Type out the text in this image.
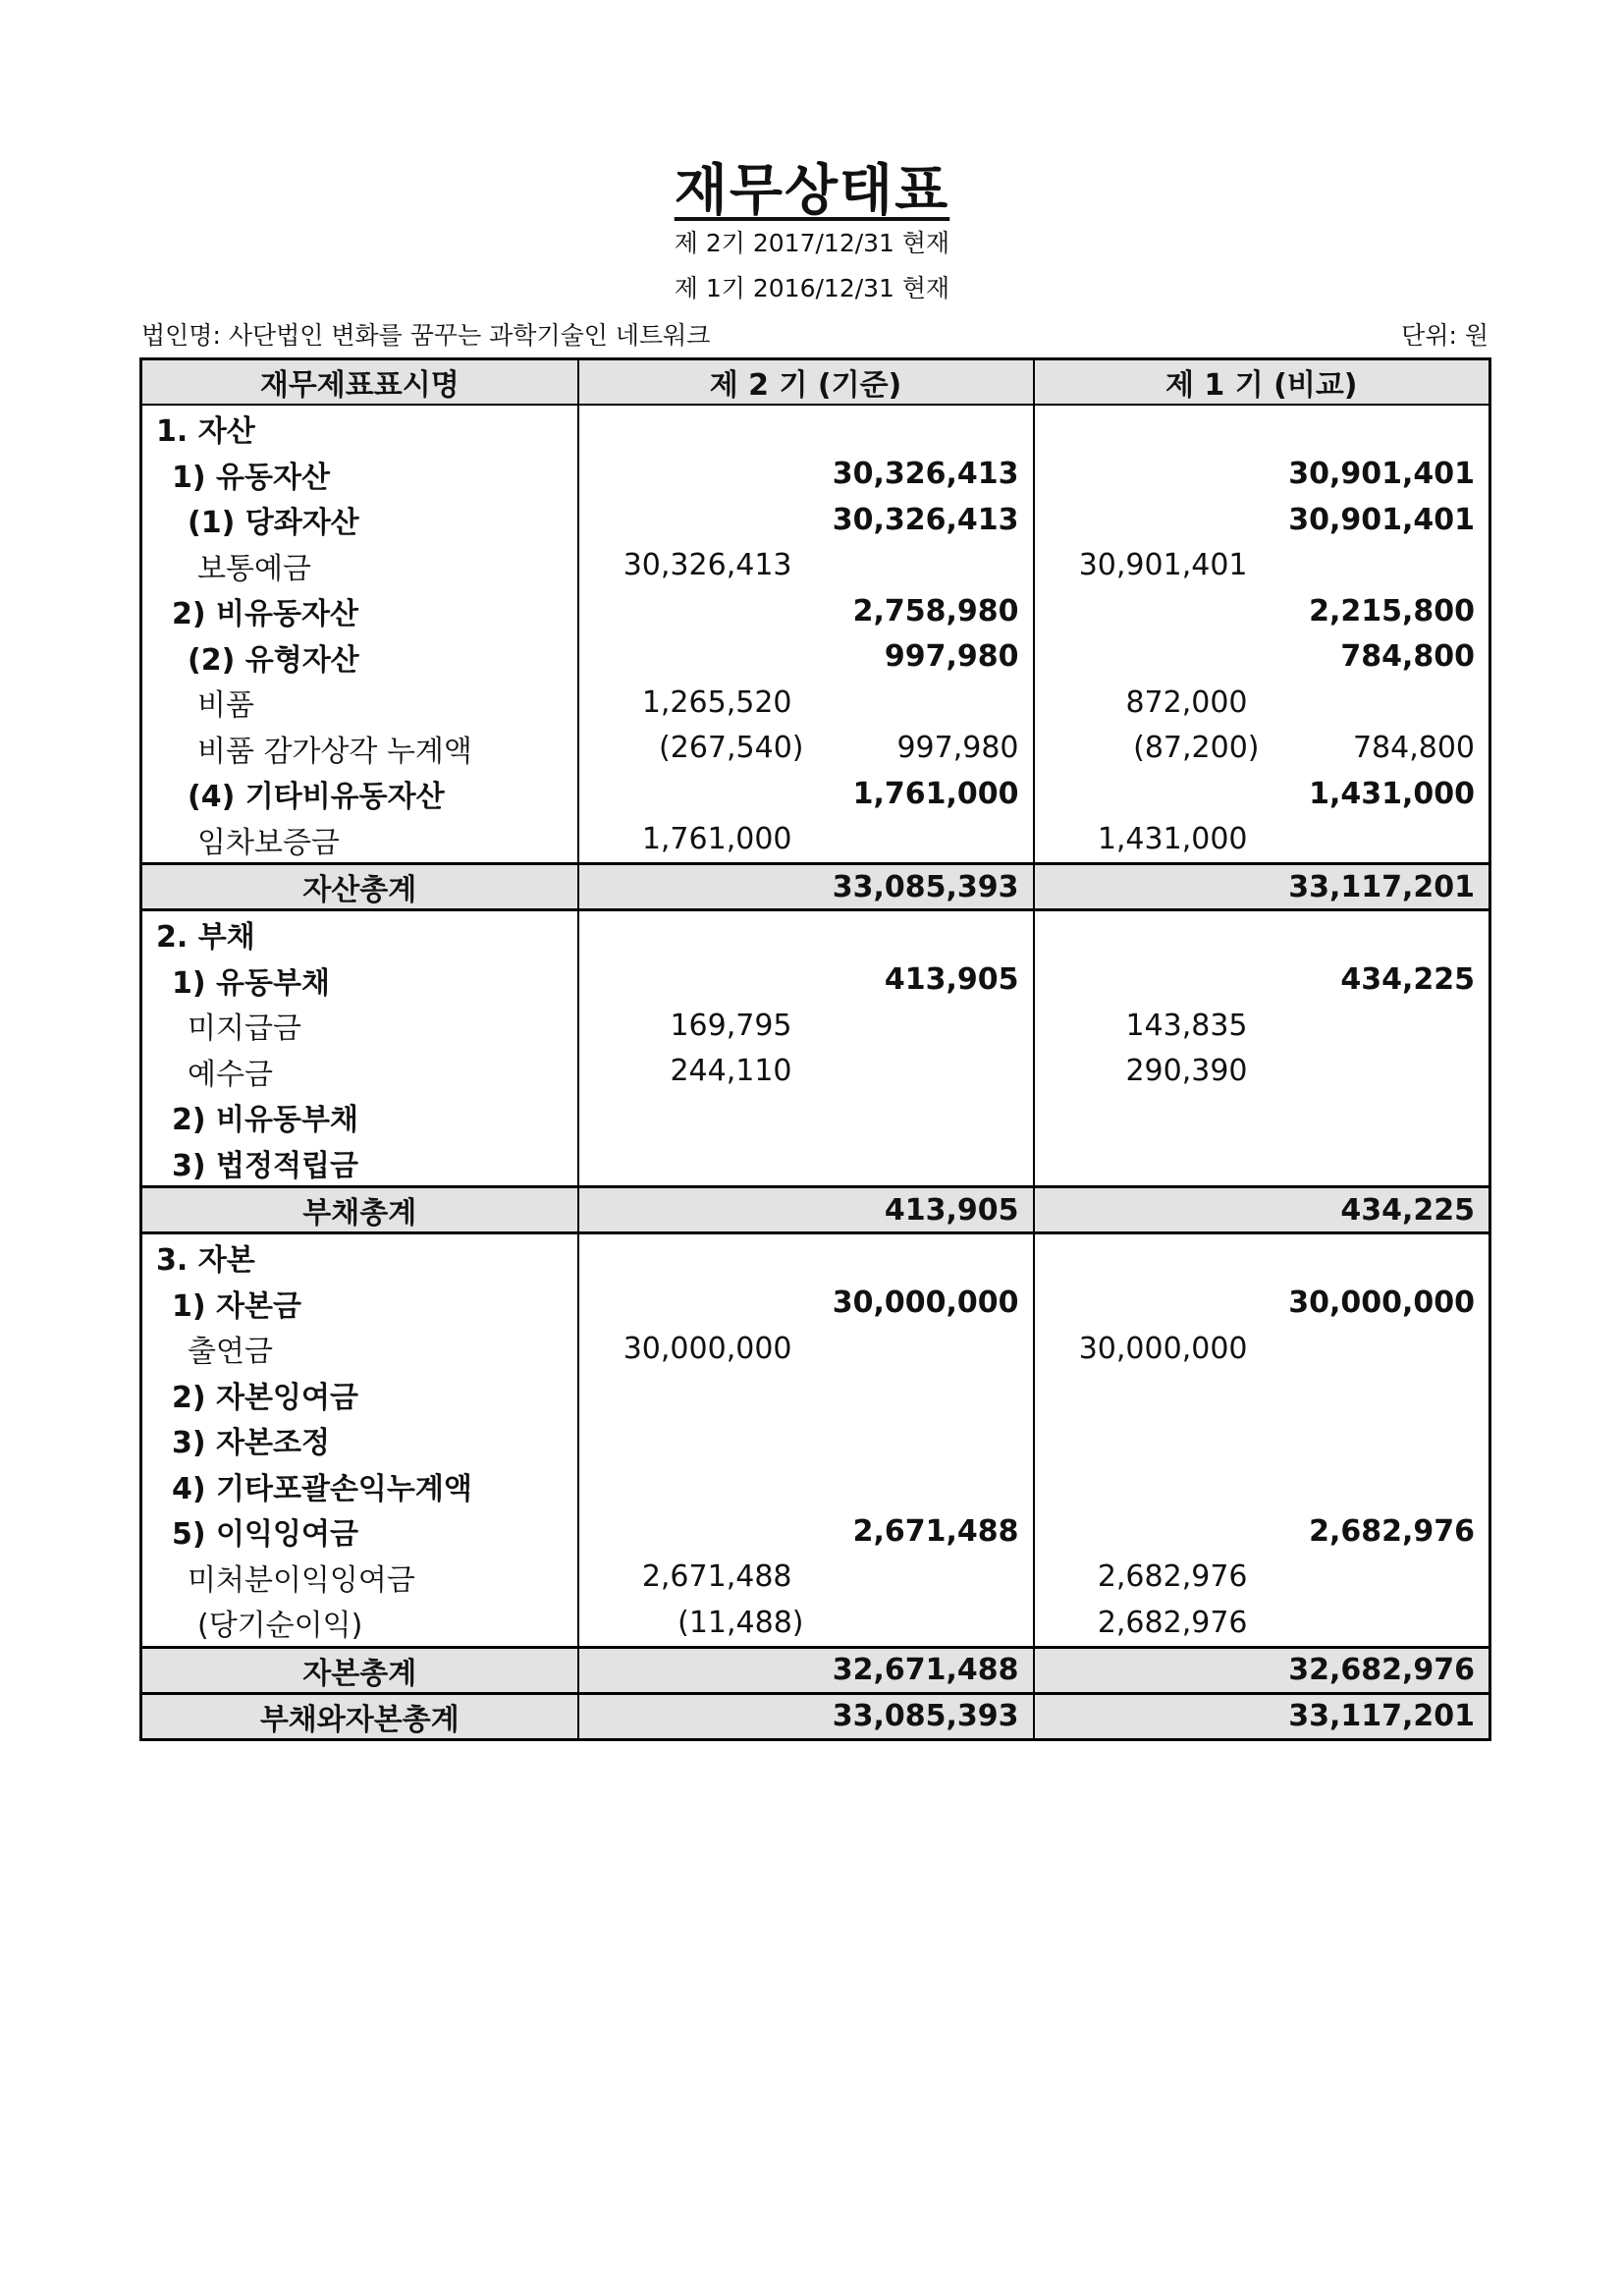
재무상태표
제 2기 2017/12/31 현재
제 1기 2016/12/31 현재
법인명: 사단법인 변화를 꿈꾸는 과학기술인 네트워크	단위: 원
재무제표표시명	제 2 기 (기준)		제 1 기 (비교)	
1. 자산				
1) 유동자산		30,326,413		30,901,401
(1) 당좌자산		30,326,413		30,901,401
보통예금	30,326,413		30,901,401	
2) 비유동자산		2,758,980		2,215,800
(2) 유형자산		997,980		784,800
비품	1,265,520		872,000	
비품 감가상각 누계액	(267,540)	997,980	(87,200)	784,800
(4) 기타비유동자산		1,761,000		1,431,000
임차보증금	1,761,000		1,431,000	
자산총계		33,085,393		33,117,201
2. 부채				
1) 유동부채		413,905		434,225
미지급금	169,795		143,835	
예수금	244,110		290,390	
2) 비유동부채				
3) 법정적립금				
부채총계		413,905		434,225
3. 자본				
1) 자본금		30,000,000		30,000,000
출연금	30,000,000		30,000,000	
2) 자본잉여금				
3) 자본조정				
4) 기타포괄손익누계액				
5) 이익잉여금		2,671,488		2,682,976
미처분이익잉여금	2,671,488		2,682,976	
(당기순이익)	(11,488)		2,682,976	
자본총계		32,671,488		32,682,976
부채와자본총계		33,085,393		33,117,201
